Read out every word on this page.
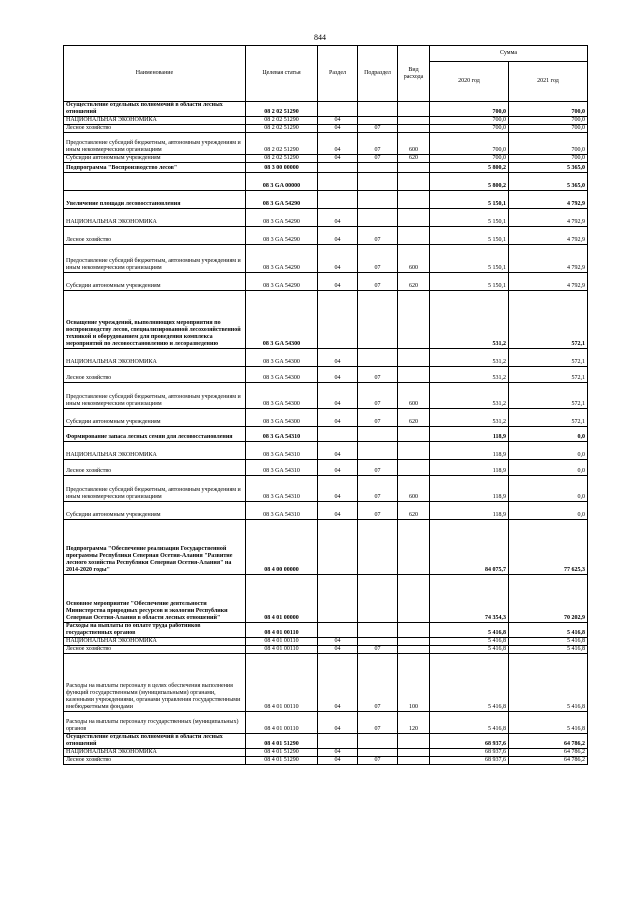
844
Наименование	Целевая статья	Раздел	Подраздел	Вид расхода	Сумма	
					2020 год	2021 год
Осуществление отдельных полномочий в области лесных отношений	08 2 02 51290				700,0	700,0
НАЦИОНАЛЬНАЯ ЭКОНОМИКА	08 2 02 51290	04			700,0	700,0
Лесное хозяйство	08 2 02 51290	04	07		700,0	700,0
Предоставление субсидий бюджетным, автономным учреждениям и иным некоммерческим организациям	08 2 02 51290	04	07	600	700,0	700,0
Субсидии автономным учреждениям	08 2 02 51290	04	07	620	700,0	700,0
Подпрограмма "Воспроизводство лесов"	08 3 00 00000				5 800,2	5 365,0
	08 3 GA 00000				5 800,2	5 365,0
Увеличение площади лесовосстановления	08 3 GA 54290				5 150,1	4 792,9
НАЦИОНАЛЬНАЯ ЭКОНОМИКА	08 3 GA 54290	04			5 150,1	4 792,9
Лесное хозяйство	08 3 GA 54290	04	07		5 150,1	4 792,9
Предоставление субсидий бюджетным, автономным учреждениям и иным некоммерческим организациям	08 3 GA 54290	04	07	600	5 150,1	4 792,9
Субсидии автономным учреждениям	08 3 GA 54290	04	07	620	5 150,1	4 792,9
Оснащение учреждений, выполняющих мероприятия по воспроизводству лесов, специализированной лесохозяйственной техникой и оборудованием для проведения комплекса мероприятий по лесовосстановлению и лесоразведению	08 3 GA 54300				531,2	572,1
НАЦИОНАЛЬНАЯ ЭКОНОМИКА	08 3 GA 54300	04			531,2	572,1
Лесное хозяйство	08 3 GA 54300	04	07		531,2	572,1
Предоставление субсидий бюджетным, автономным учреждениям и иным некоммерческим организациям	08 3 GA 54300	04	07	600	531,2	572,1
Субсидии автономным учреждениям	08 3 GA 54300	04	07	620	531,2	572,1
Формирование запаса лесных семян для лесовосстановления	08 3 GA 54310				118,9	0,0
НАЦИОНАЛЬНАЯ ЭКОНОМИКА	08 3 GA 54310	04			118,9	0,0
Лесное хозяйство	08 3 GA 54310	04	07		118,9	0,0
Предоставление субсидий бюджетным, автономным учреждениям и иным некоммерческим организациям	08 3 GA 54310	04	07	600	118,9	0,0
Субсидии автономным учреждениям	08 3 GA 54310	04	07	620	118,9	0,0
Подпрограмма "Обеспечение реализации Государственной программы Республики Северная Осетия-Алания "Развитие лесного хозяйства Республики Северная Осетия-Алания" на 2014-2020 годы"	08 4 00 00000				84 075,7	77 625,3
Основное мероприятие "Обеспечение деятельности Министерства природных ресурсов и экологии Республики Северная Осетия-Алания в области лесных отношений"	08 4 01 00000				74 354,3	70 202,9
Расходы на выплаты по оплате труда работников государственных органов	08 4 01 00110				5 416,8	5 416,8
НАЦИОНАЛЬНАЯ ЭКОНОМИКА	08 4 01 00110	04			5 416,8	5 416,8
Лесное хозяйство	08 4 01 00110	04	07		5 416,8	5 416,8
Расходы на выплаты персоналу в целях обеспечения выполнения функций государственными (муниципальными) органами, казенными учреждениями, органами управления государственными внебюджетными фондами	08 4 01 00110	04	07	100	5 416,8	5 416,8
Расходы на выплаты персоналу государственных (муниципальных) органов	08 4 01 00110	04	07	120	5 416,8	5 416,8
Осуществление отдельных полномочий в области лесных отношений	08 4 01 51290				68 937,6	64 786,2
НАЦИОНАЛЬНАЯ ЭКОНОМИКА	08 4 01 51290	04			68 937,6	64 786,2
Лесное хозяйство	08 4 01 51290	04	07		68 937,6	64 786,2
